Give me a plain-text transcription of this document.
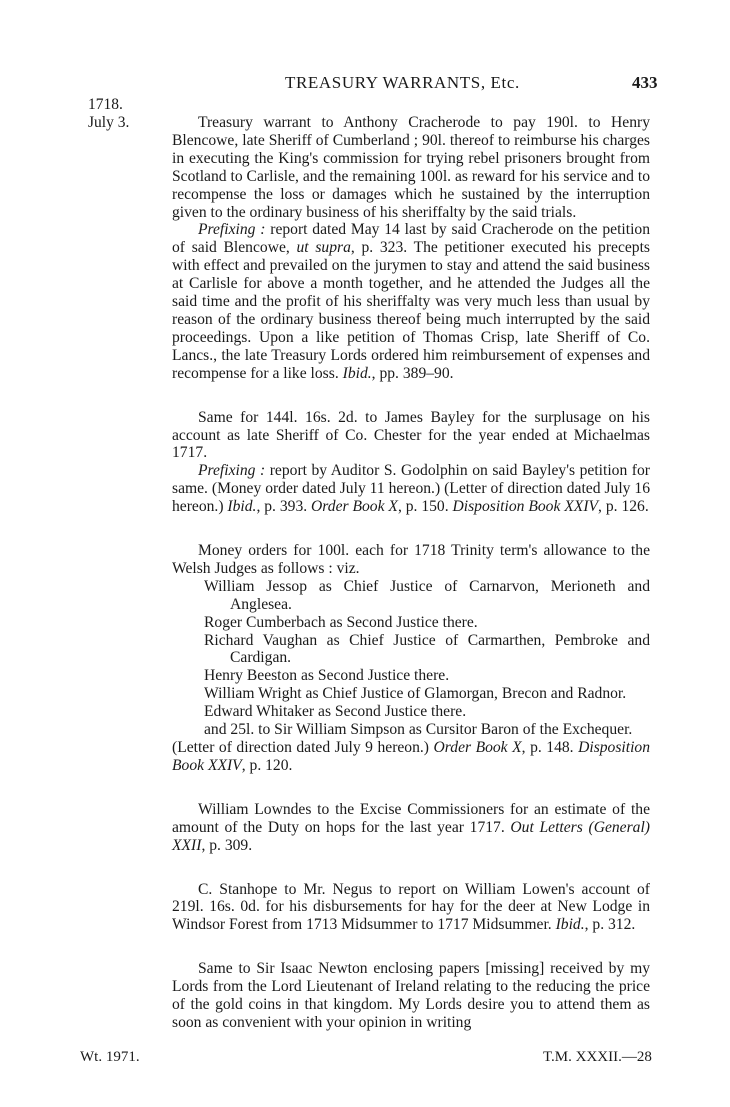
TREASURY WARRANTS, Etc.	433
1718.
July 3.	Treasury warrant to Anthony Cracherode to pay 190l. to Henry Blencowe, late Sheriff of Cumberland ; 90l. thereof to reimburse his charges in executing the King's commission for trying rebel prisoners brought from Scotland to Carlisle, and the remaining 100l. as reward for his service and to recompense the loss or damages which he sustained by the interruption given to the ordinary business of his sheriffalty by the said trials.

Prefixing : report dated May 14 last by said Cracherode on the petition of said Blencowe, ut supra, p. 323. The petitioner executed his precepts with effect and prevailed on the jurymen to stay and attend the said business at Carlisle for above a month together, and he attended the Judges all the said time and the profit of his sheriffalty was very much less than usual by reason of the ordinary business thereof being much interrupted by the said proceedings. Upon a like petition of Thomas Crisp, late Sheriff of Co. Lancs., the late Treasury Lords ordered him reimbursement of expenses and recompense for a like loss. Ibid., pp. 389–90.

Same for 144l. 16s. 2d. to James Bayley for the surplusage on his account as late Sheriff of Co. Chester for the year ended at Michaelmas 1717.

Prefixing : report by Auditor S. Godolphin on said Bayley's petition for same. (Money order dated July 11 hereon.) (Letter of direction dated July 16 hereon.) Ibid., p. 393. Order Book X, p. 150. Disposition Book XXIV, p. 126.

Money orders for 100l. each for 1718 Trinity term's allowance to the Welsh Judges as follows : viz.

William Jessop as Chief Justice of Carnarvon, Merioneth and Anglesea.

Roger Cumberbach as Second Justice there.

Richard Vaughan as Chief Justice of Carmarthen, Pembroke and Cardigan.

Henry Beeston as Second Justice there.

William Wright as Chief Justice of Glamorgan, Brecon and Radnor.

Edward Whitaker as Second Justice there.

and 25l. to Sir William Simpson as Cursitor Baron of the Exchequer.

(Letter of direction dated July 9 hereon.) Order Book X, p. 148. Disposition Book XXIV, p. 120.

William Lowndes to the Excise Commissioners for an estimate of the amount of the Duty on hops for the last year 1717. Out Letters (General) XXII, p. 309.

C. Stanhope to Mr. Negus to report on William Lowen's account of 219l. 16s. 0d. for his disbursements for hay for the deer at New Lodge in Windsor Forest from 1713 Midsummer to 1717 Midsummer. Ibid., p. 312.

Same to Sir Isaac Newton enclosing papers [missing] received by my Lords from the Lord Lieutenant of Ireland relating to the reducing the price of the gold coins in that kingdom. My Lords desire you to attend them as soon as convenient with your opinion in writing

Wt. 1971.	T.M. XXXII.—28
